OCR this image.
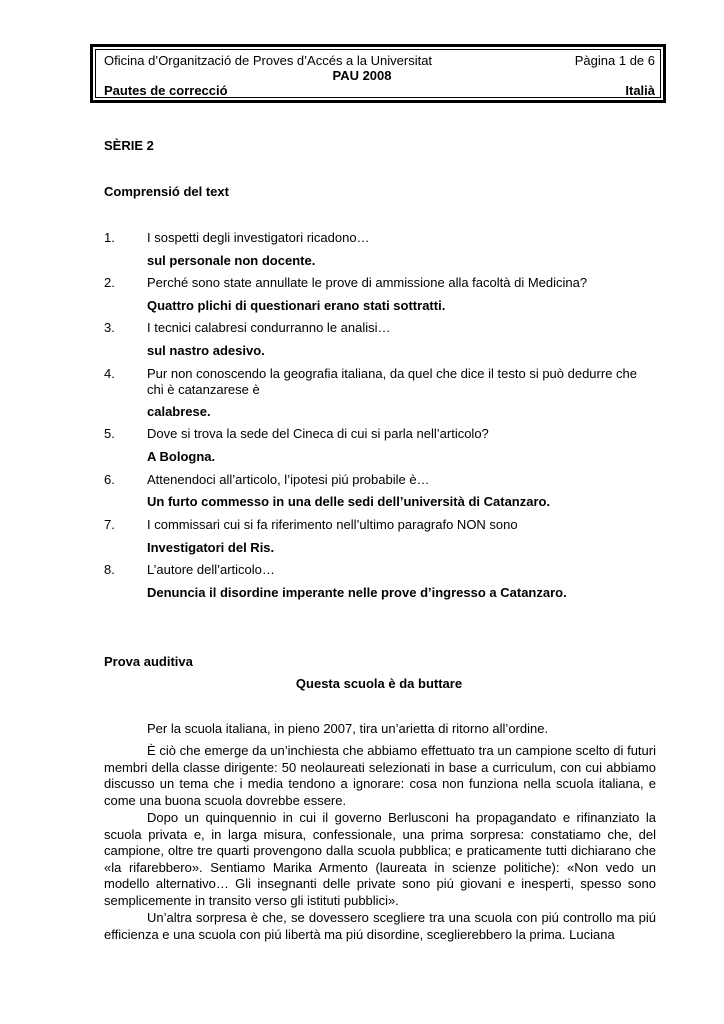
Oficina d’Organització de Proves d’Accés a la Universitat	Pàgina 1 de 6
PAU 2008
Pautes de correcció	Italià
SÈRIE 2
Comprensió del text
1. I sospetti degli investigatori ricadono…
sul personale non docente.
2. Perché sono state annullate le prove di ammissione alla facoltà di Medicina?
Quattro plichi di questionari erano stati sottratti.
3. I tecnici calabresi condurranno le analisi…
sul nastro adesivo.
4. Pur non conoscendo la geografia italiana, da quel che dice il testo si può dedurre che chi è catanzarese è
calabrese.
5. Dove si trova la sede del Cineca di cui si parla nell’articolo?
A Bologna.
6. Attenendoci all’articolo, l’ipotesi piú probabile è…
Un furto commesso in una delle sedi dell’università di Catanzaro.
7. I commissari cui si fa riferimento nell’ultimo paragrafo NON sono
Investigatori del Ris.
8. L’autore dell’articolo…
Denuncia il disordine imperante nelle prove d’ingresso a Catanzaro.
Prova auditiva
Questa scuola è da buttare

Per la scuola italiana, in pieno 2007, tira un’arietta di ritorno all’ordine.

È ciò che emerge da un’inchiesta che abbiamo effettuato tra un campione scelto di futuri membri della classe dirigente: 50 neolaureati selezionati in base a curriculum, con cui abbiamo discusso un tema che i media tendono a ignorare: cosa non funziona nella scuola italiana, e come una buona scuola dovrebbe essere.

Dopo un quinquennio in cui il governo Berlusconi ha propagandato e rifinanziato la scuola privata e, in larga misura, confessionale, una prima sorpresa: constatiamo che, del campione, oltre tre quarti provengono dalla scuola pubblica; e praticamente tutti dichiarano che «la rifarebbero». Sentiamo Marika Armento (laureata in scienze politiche): «Non vedo un modello alternativo… Gli insegnanti delle private sono piú giovani e inesperti, spesso sono semplicemente in transito verso gli istituti pubblici».

Un’altra sorpresa è che, se dovessero scegliere tra una scuola con piú controllo ma piú efficienza e una scuola con piú libertà ma piú disordine, sceglierebbero la prima. Luciana
